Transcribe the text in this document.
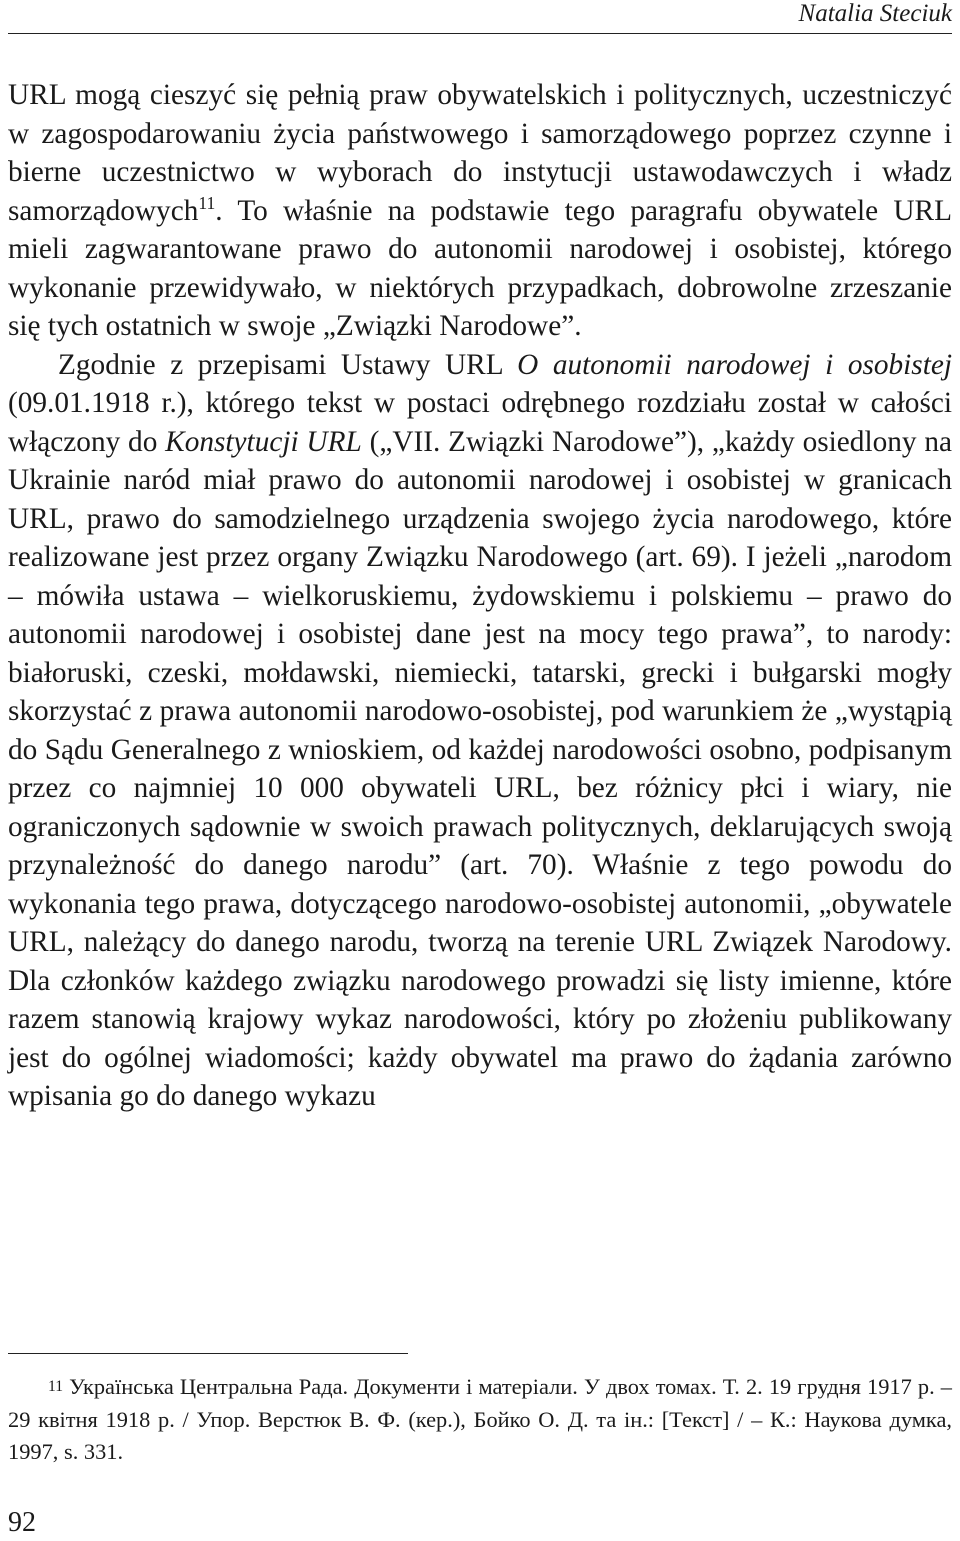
Natalia Steciuk

URL mogą cieszyć się pełnią praw obywatelskich i politycznych, uczestniczyć w zagospodarowaniu życia państwowego i samorządowego poprzez czynne i bierne uczestnictwo w wyborach do instytucji ustawodawczych i władz samorządowych$^{11}$. To właśnie na podstawie tego paragrafu obywatele URL mieli zagwarantowane prawo do autonomii narodowej i osobistej, którego wykonanie przewidywało, w niektórych przypadkach, dobrowolne zrzeszanie się tych ostatnich w swoje „Związki Narodowe”.

Zgodnie z przepisami Ustawy URL O autonomii narodowej i osobistej (09.01.1918 r.), którego tekst w postaci odrębnego rozdziału został w całości włączony do Konstytucji URL („VII. Związki Narodowe”), „każdy osiedlony na Ukrainie naród miał prawo do autonomii narodowej i osobistej w granicach URL, prawo do samodzielnego urządzenia swojego życia narodowego, które realizowane jest przez organy Związku Narodowego (art. 69). I jeżeli „narodom – mówiła ustawa – wielkoruskiemu, żydowskiemu i polskiemu – prawo do autonomii narodowej i osobistej dane jest na mocy tego prawa”, to narody: białoruski, czeski, mołdawski, niemiecki, tatarski, grecki i bułgarski mogły skorzystać z prawa autonomii narodowo-osobistej, pod warunkiem że „wystąpią do Sądu Generalnego z wnioskiem, od każdej narodowości osobno, podpisanym przez co najmniej 10 000 obywateli URL, bez różnicy płci i wiary, nie ograniczonych sądownie w swoich prawach politycznych, deklarujących swoją przynależność do danego narodu” (art. 70). Właśnie z tego powodu do wykonania tego prawa, dotyczącego narodowo-osobistej autonomii, „obywatele URL, należący do danego narodu, tworzą na terenie URL Związek Narodowy. Dla członków każdego związku narodowego prowadzi się listy imienne, które razem stanowią krajowy wykaz narodowości, który po złożeniu publikowany jest do ogólnej wiadomości; każdy obywatel ma prawo do żądania zarówno wpisania go do danego wykazu

11 Українська Центральна Рада. Документи і матеріали. У двох томах. Т. 2. 19 грудня 1917 р. – 29 квітня 1918 р. / Упор. Верстюк В. Ф. (кер.), Бойко О. Д. та ін.: [Текст] / – К.: Наукова думка, 1997, s. 331.

92
